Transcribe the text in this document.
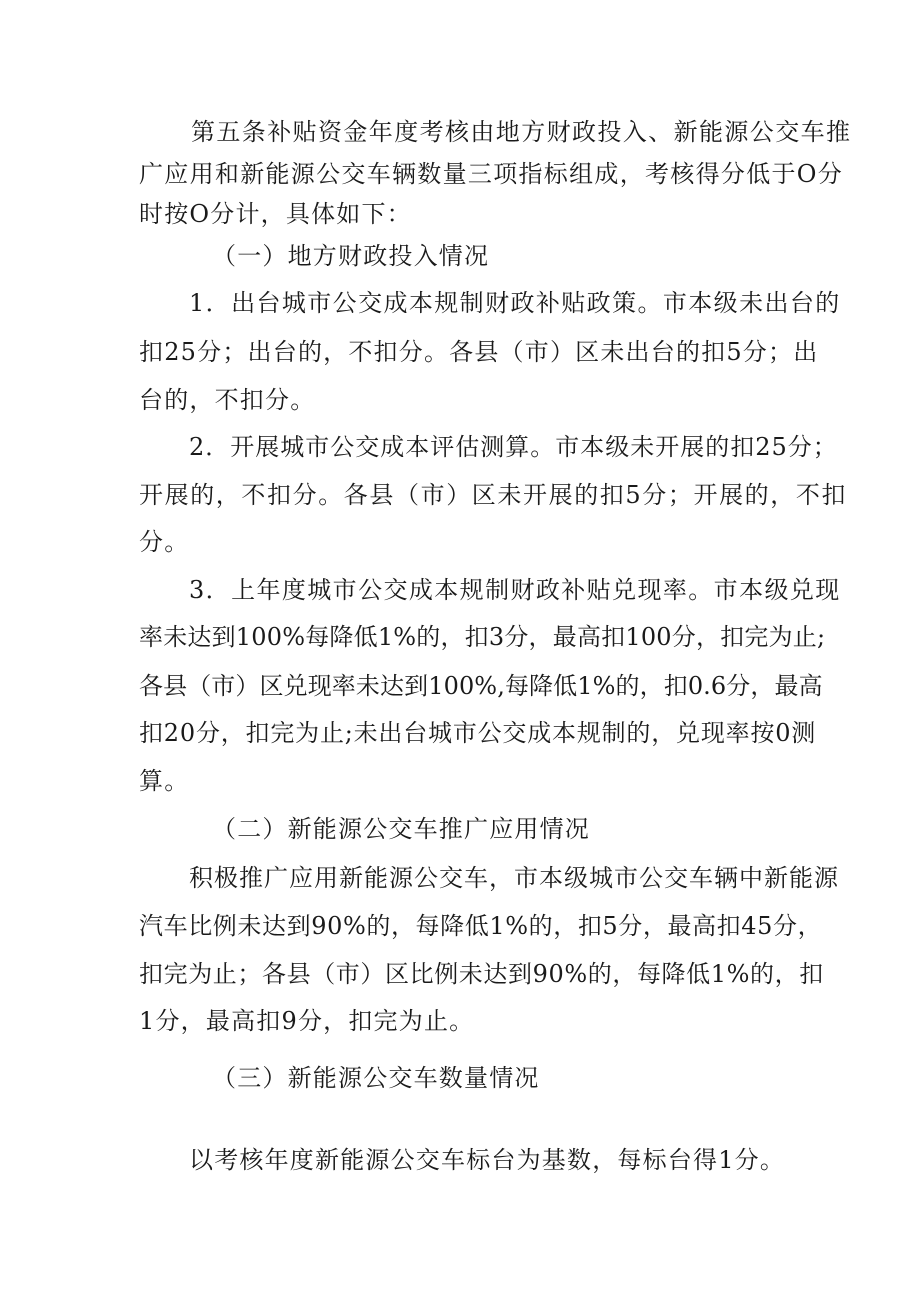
第五条补贴资金年度考核由地方财政投入、新能源公交车推
广应用和新能源公交车辆数量三项指标组成，考核得分低于O分
时按O分计，具体如下：
（一）地方财政投入情况
1．出台城市公交成本规制财政补贴政策。市本级未出台的
扣25分；出台的，不扣分。各县（市）区未出台的扣5分；出
台的，不扣分。
2．开展城市公交成本评估测算。市本级未开展的扣25分；
开展的，不扣分。各县（市）区未开展的扣5分；开展的，不扣
分。
3．上年度城市公交成本规制财政补贴兑现率。市本级兑现
率未达到100%每降低1%的，扣3分，最高扣100分，扣完为止;
各县（市）区兑现率未达到100%,每降低1%的，扣0.6分，最高
扣20分，扣完为止;未出台城市公交成本规制的，兑现率按0测
算。
（二）新能源公交车推广应用情况
积极推广应用新能源公交车，市本级城市公交车辆中新能源
汽车比例未达到90%的，每降低1%的，扣5分，最高扣45分，
扣完为止；各县（市）区比例未达到90%的，每降低1%的，扣
1分，最高扣9分，扣完为止。
（三）新能源公交车数量情况
以考核年度新能源公交车标台为基数，每标台得1分。
